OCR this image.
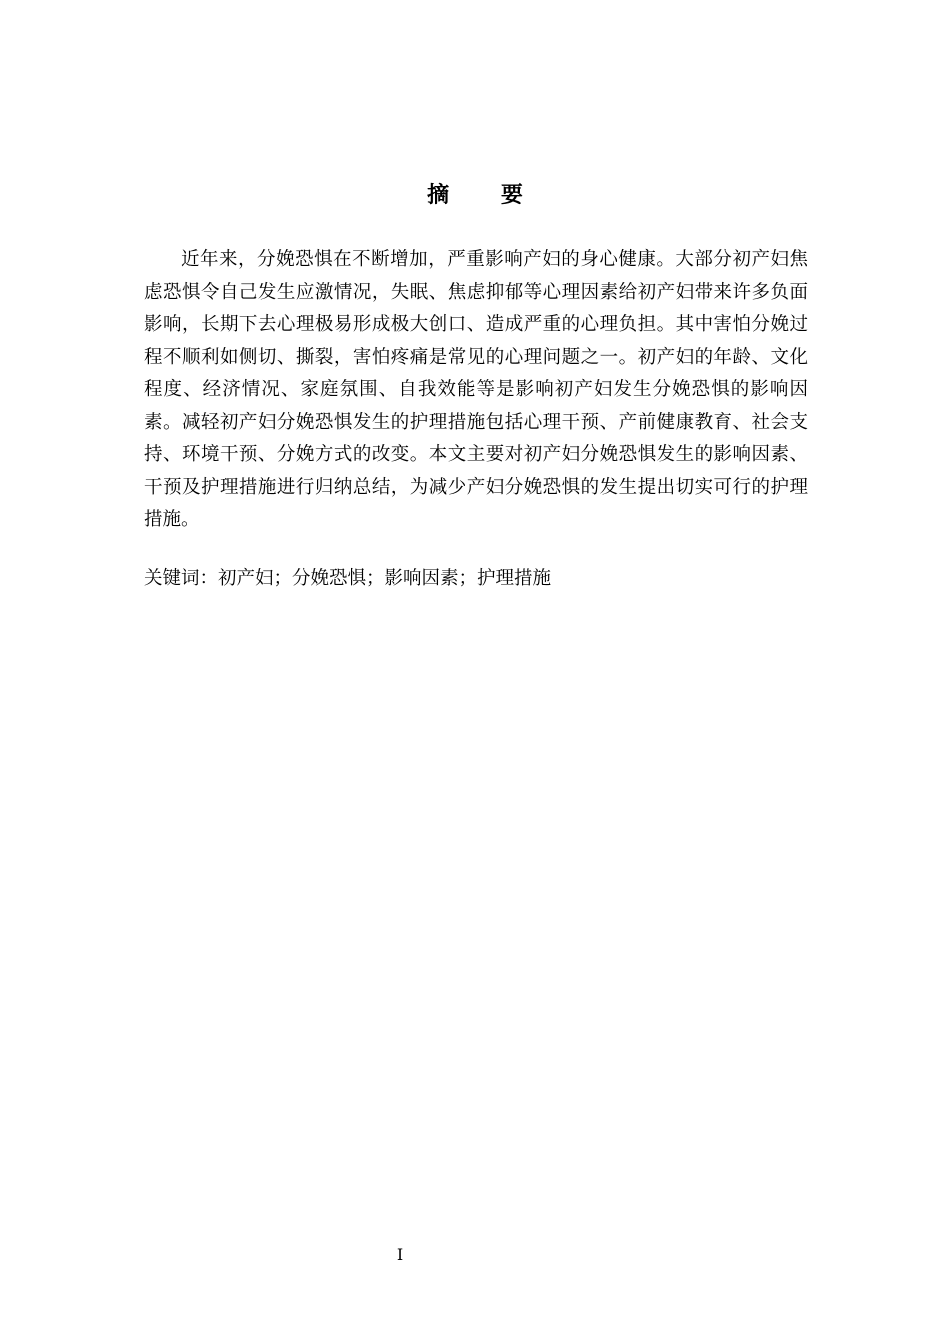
摘 要

近年来，分娩恐惧在不断增加，严重影响产妇的身心健康。大部分初产妇焦虑恐惧令自己发生应激情况，失眠、焦虑抑郁等心理因素给初产妇带来许多负面影响，长期下去心理极易形成极大创口、造成严重的心理负担。其中害怕分娩过程不顺利如侧切、撕裂，害怕疼痛是常见的心理问题之一。初产妇的年龄、文化程度、经济情况、家庭氛围、自我效能等是影响初产妇发生分娩恐惧的影响因素。减轻初产妇分娩恐惧发生的护理措施包括心理干预、产前健康教育、社会支持、环境干预、分娩方式的改变。本文主要对初产妇分娩恐惧发生的影响因素、干预及护理措施进行归纳总结，为减少产妇分娩恐惧的发生提出切实可行的护理措施。

关键词：初产妇；分娩恐惧；影响因素；护理措施

I
